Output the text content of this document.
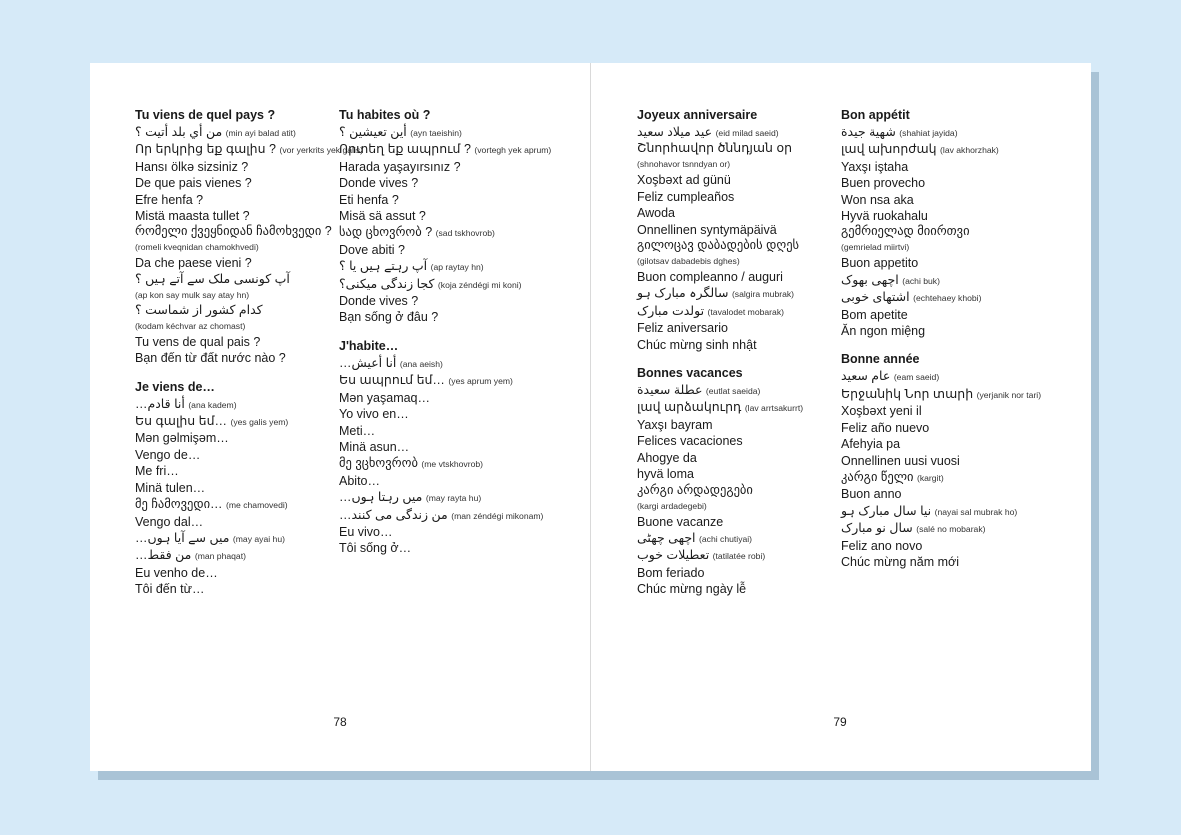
Tu viens de quel pays ?
من أي بلد أتيت ؟ (min ayi balad atit)
Որ երկրից եք գալիս ? (vor yerkrits yek galis)
Hansı ölkə sizsiniz ?
De que pais vienes ?
Efre henfa ?
Mistä maasta tullet ?
რომელი ქვეყნიდან ჩამოხვედი ?
(romeli kveqnidan chamokhvedi)
Da che paese vieni ?
آپ کونسی ملک سے آتے ہیں ؟
(ap kon say mulk say atay hn)
کدام کشور از شماست ؟
(kodam kéchvar az chomast)
Tu vens de qual pais ?
Bạn đến từ đất nước nào ?
Je viens de…
أنا قادم… (ana kadem)
Ես գալիս եմ… (yes galis yem)
Mən gəlmişəm…
Vengo de…
Me fri…
Minä tulen…
მე ჩამოვედი… (me chamovedi)
Vengo dal…
میں سے آیا ہوں… (may ayai hu)
من فقط… (man phaqat)
Eu venho de…
Tôi đến từ…
Tu habites où ?
أين تعيشين ؟ (ayn taeishin)
Որտեղ եք ապրում ? (vortegh yek aprum)
Harada yaşayırsınız ?
Donde vives ?
Eti henfa ?
Misä sä assut ?
სად ცხოვრობ ? (sad tskhovrob)
Dove abiti ?
آپ رہتے ہیں یا ؟ (ap raytay hn)
کجا زندگی میکنی؟ (koja zéndégi mi koni)
Donde vives ?
Bạn sống ở đâu ?
J'habite…
أنا أعيش… (ana aeish)
Ես ապրում եմ… (yes aprum yem)
Mən yaşamaq…
Yo vivo en…
Meti…
Minä asun…
მე ვცხოვრობ (me vtskhovrob)
Abito…
میں رہتا ہوں… (may rayta hu)
من زندگی می کنند… (man zéndégi mikonam)
Eu vivo…
Tôi sống ở…
Joyeux anniversaire
عيد ميلاد سعيد (eid milad saeid)
Շնորհավոր ծննդյան օր
(shnohavor tsnndyan or)
Xoşbəxt ad günü
Feliz cumpleaños
Awoda
Onnellinen syntymäpäivä
გილოცავ დაბადების დღეს
(gilotsav dabadebis dghes)
Buon compleanno / auguri
سالگرہ مبارک ہو (salgira mubrak)
تولدت مبارک (tavalodet mobarak)
Feliz aniversario
Chúc mừng sinh nhật
Bonnes vacances
عطلة سعيدة (eutlat saeida)
լավ արձակուրդ (lav arrtsakurrt)
Yaxşı bayram
Felices vacaciones
Ahogye da
hyvä loma
კარგი არდადეგები
(kargi ardadegebi)
Buone vacanze
اچھی چھٹی (achi chutiyai)
تعطیلات خوب (tatilatée robi)
Bom feriado
Chúc mừng ngày lễ
Bon appétit
شهية جيدة (shahiat jayida)
լավ ախորժակ (lav akhorzhak)
Yaxşı iştaha
Buen provecho
Won nsa aka
Hyvä ruokahalu
გემრიელად მიირთვი
(gemrielad miirtvi)
Buon appetito
اچھی بھوک (achi buk)
اشتهای خوبی (echtehaey khobi)
Bom apetite
Ăn ngon miệng
Bonne année
عام سعيد (eam saeid)
Երջանիկ Նոր տարի (yerjanik nor tari)
Xoşbəxt yeni il
Feliz año nuevo
Afehyia pa
Onnellinen uusi vuosi
კარგი წელი (kargit)
Buon anno
نیا سال مبارک ہو (nayai sal mubrak ho)
سال نو مبارک (salé no mobarak)
Feliz ano novo
Chúc mừng năm mới
78	79
